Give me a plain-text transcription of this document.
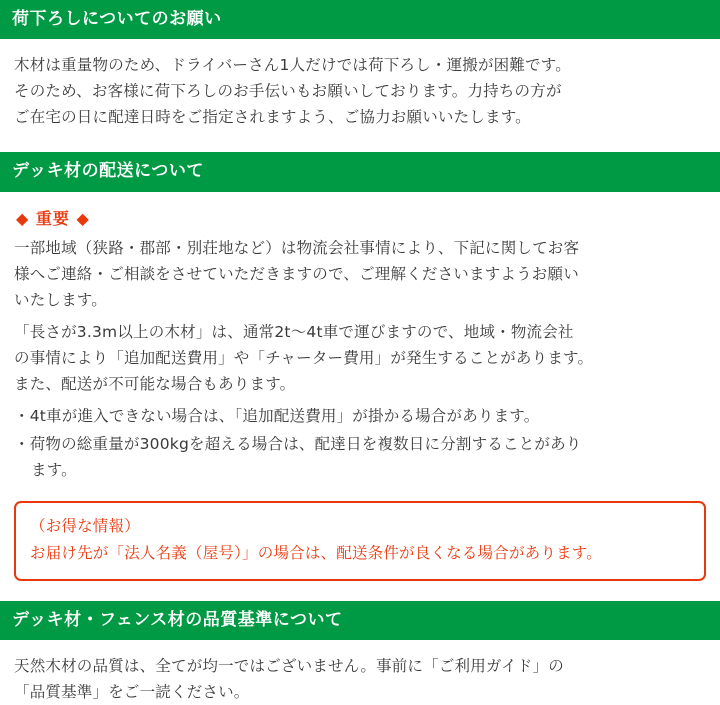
荷下ろしについてのお願い
木材は重量物のため、ドライバーさん1人だけでは荷下ろし・運搬が困難です。
そのため、お客様に荷下ろしのお手伝いもお願いしております。力持ちの方が
ご在宅の日に配達日時をご指定されますよう、ご協力お願いいたします。
デッキ材の配送について
◆ 重要 ◆
一部地域（狭路・郡部・別荘地など）は物流会社事情により、下記に関してお客
様へご連絡・ご相談をさせていただきますので、ご理解くださいますようお願い
いたします。
「長さが3.3m以上の木材」は、通常2t〜4t車で運びますので、地域・物流会社
の事情により「追加配送費用」や「チャーター費用」が発生することがあります。
また、配送が不可能な場合もあります。
・4t車が進入できない場合は、「追加配送費用」が掛かる場合があります。
・荷物の総重量が300kgを超える場合は、配達日を複数日に分割することがあり
ます。
（お得な情報）
お届け先が「法人名義（屋号）」の場合は、配送条件が良くなる場合があります。
デッキ材・フェンス材の品質基準について
天然木材の品質は、全てが均一ではございません。事前に「ご利用ガイド」の
「品質基準」をご一読ください。
